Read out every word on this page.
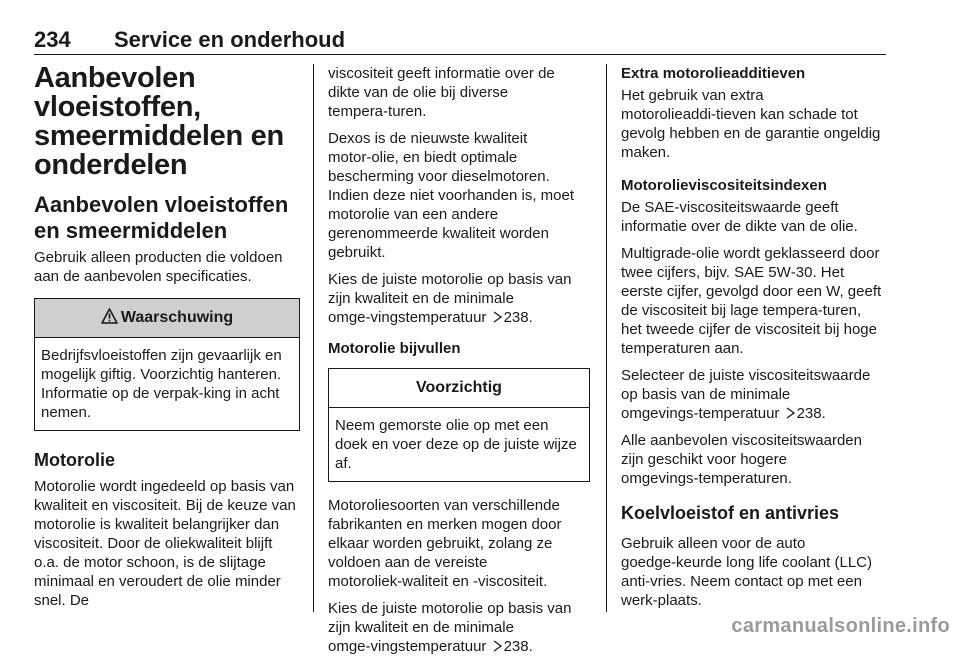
234 Service en onderhoud
Aanbevolen vloeistoffen, smeermiddelen en onderdelen
Aanbevolen vloeistoffen en smeermiddelen

Gebruik alleen producten die voldoen aan de aanbevolen specificaties.

Waarschuwing

Bedrijfsvloeistoffen zijn gevaarlijk en mogelijk giftig. Voorzichtig hanteren. Informatie op de verpak‑king in acht nemen.

Motorolie

Motorolie wordt ingedeeld op basis van kwaliteit en viscositeit. Bij de keuze van motorolie is kwaliteit belangrijker dan viscositeit. Door de oliekwaliteit blijft o.a. de motor schoon, is de slijtage minimaal en veroudert de olie minder snel. De

viscositeit geeft informatie over de dikte van de olie bij diverse tempera‑turen.

Dexos is de nieuwste kwaliteit motor‑olie, en biedt optimale bescherming voor dieselmotoren. Indien deze niet voorhanden is, moet motorolie van een andere gerenommeerde kwaliteit worden gebruikt.

Kies de juiste motorolie op basis van zijn kwaliteit en de minimale omge‑vingstemperatuur 238.

Motorolie bijvullen
Voorzichtig

Neem gemorste olie op met een doek en voer deze op de juiste wijze af.

Motoroliesoorten van verschillende fabrikanten en merken mogen door elkaar worden gebruikt, zolang ze voldoen aan de vereiste motoroliek‑waliteit en ‑viscositeit.

Kies de juiste motorolie op basis van zijn kwaliteit en de minimale omge‑vingstemperatuur 238.

Extra motorolieadditieven

Het gebruik van extra motorolieaddi‑tieven kan schade tot gevolg hebben en de garantie ongeldig maken.

Motorolieviscositeitsindexen

De SAE‑viscositeitswaarde geeft informatie over de dikte van de olie.

Multigrade‑olie wordt geklasseerd door twee cijfers, bijv. SAE 5W‑30. Het eerste cijfer, gevolgd door een W, geeft de viscositeit bij lage tempera‑turen, het tweede cijfer de viscositeit bij hoge temperaturen aan.

Selecteer de juiste viscositeitswaarde op basis van de minimale omgevings‑temperatuur 238.

Alle aanbevolen viscositeitswaarden zijn geschikt voor hogere omgevings‑temperaturen.

Koelvloeistof en antivries

Gebruik alleen voor de auto goedge‑keurde long life coolant (LLC) anti‑vries. Neem contact op met een werk‑plaats.

carmanualsonline.info
